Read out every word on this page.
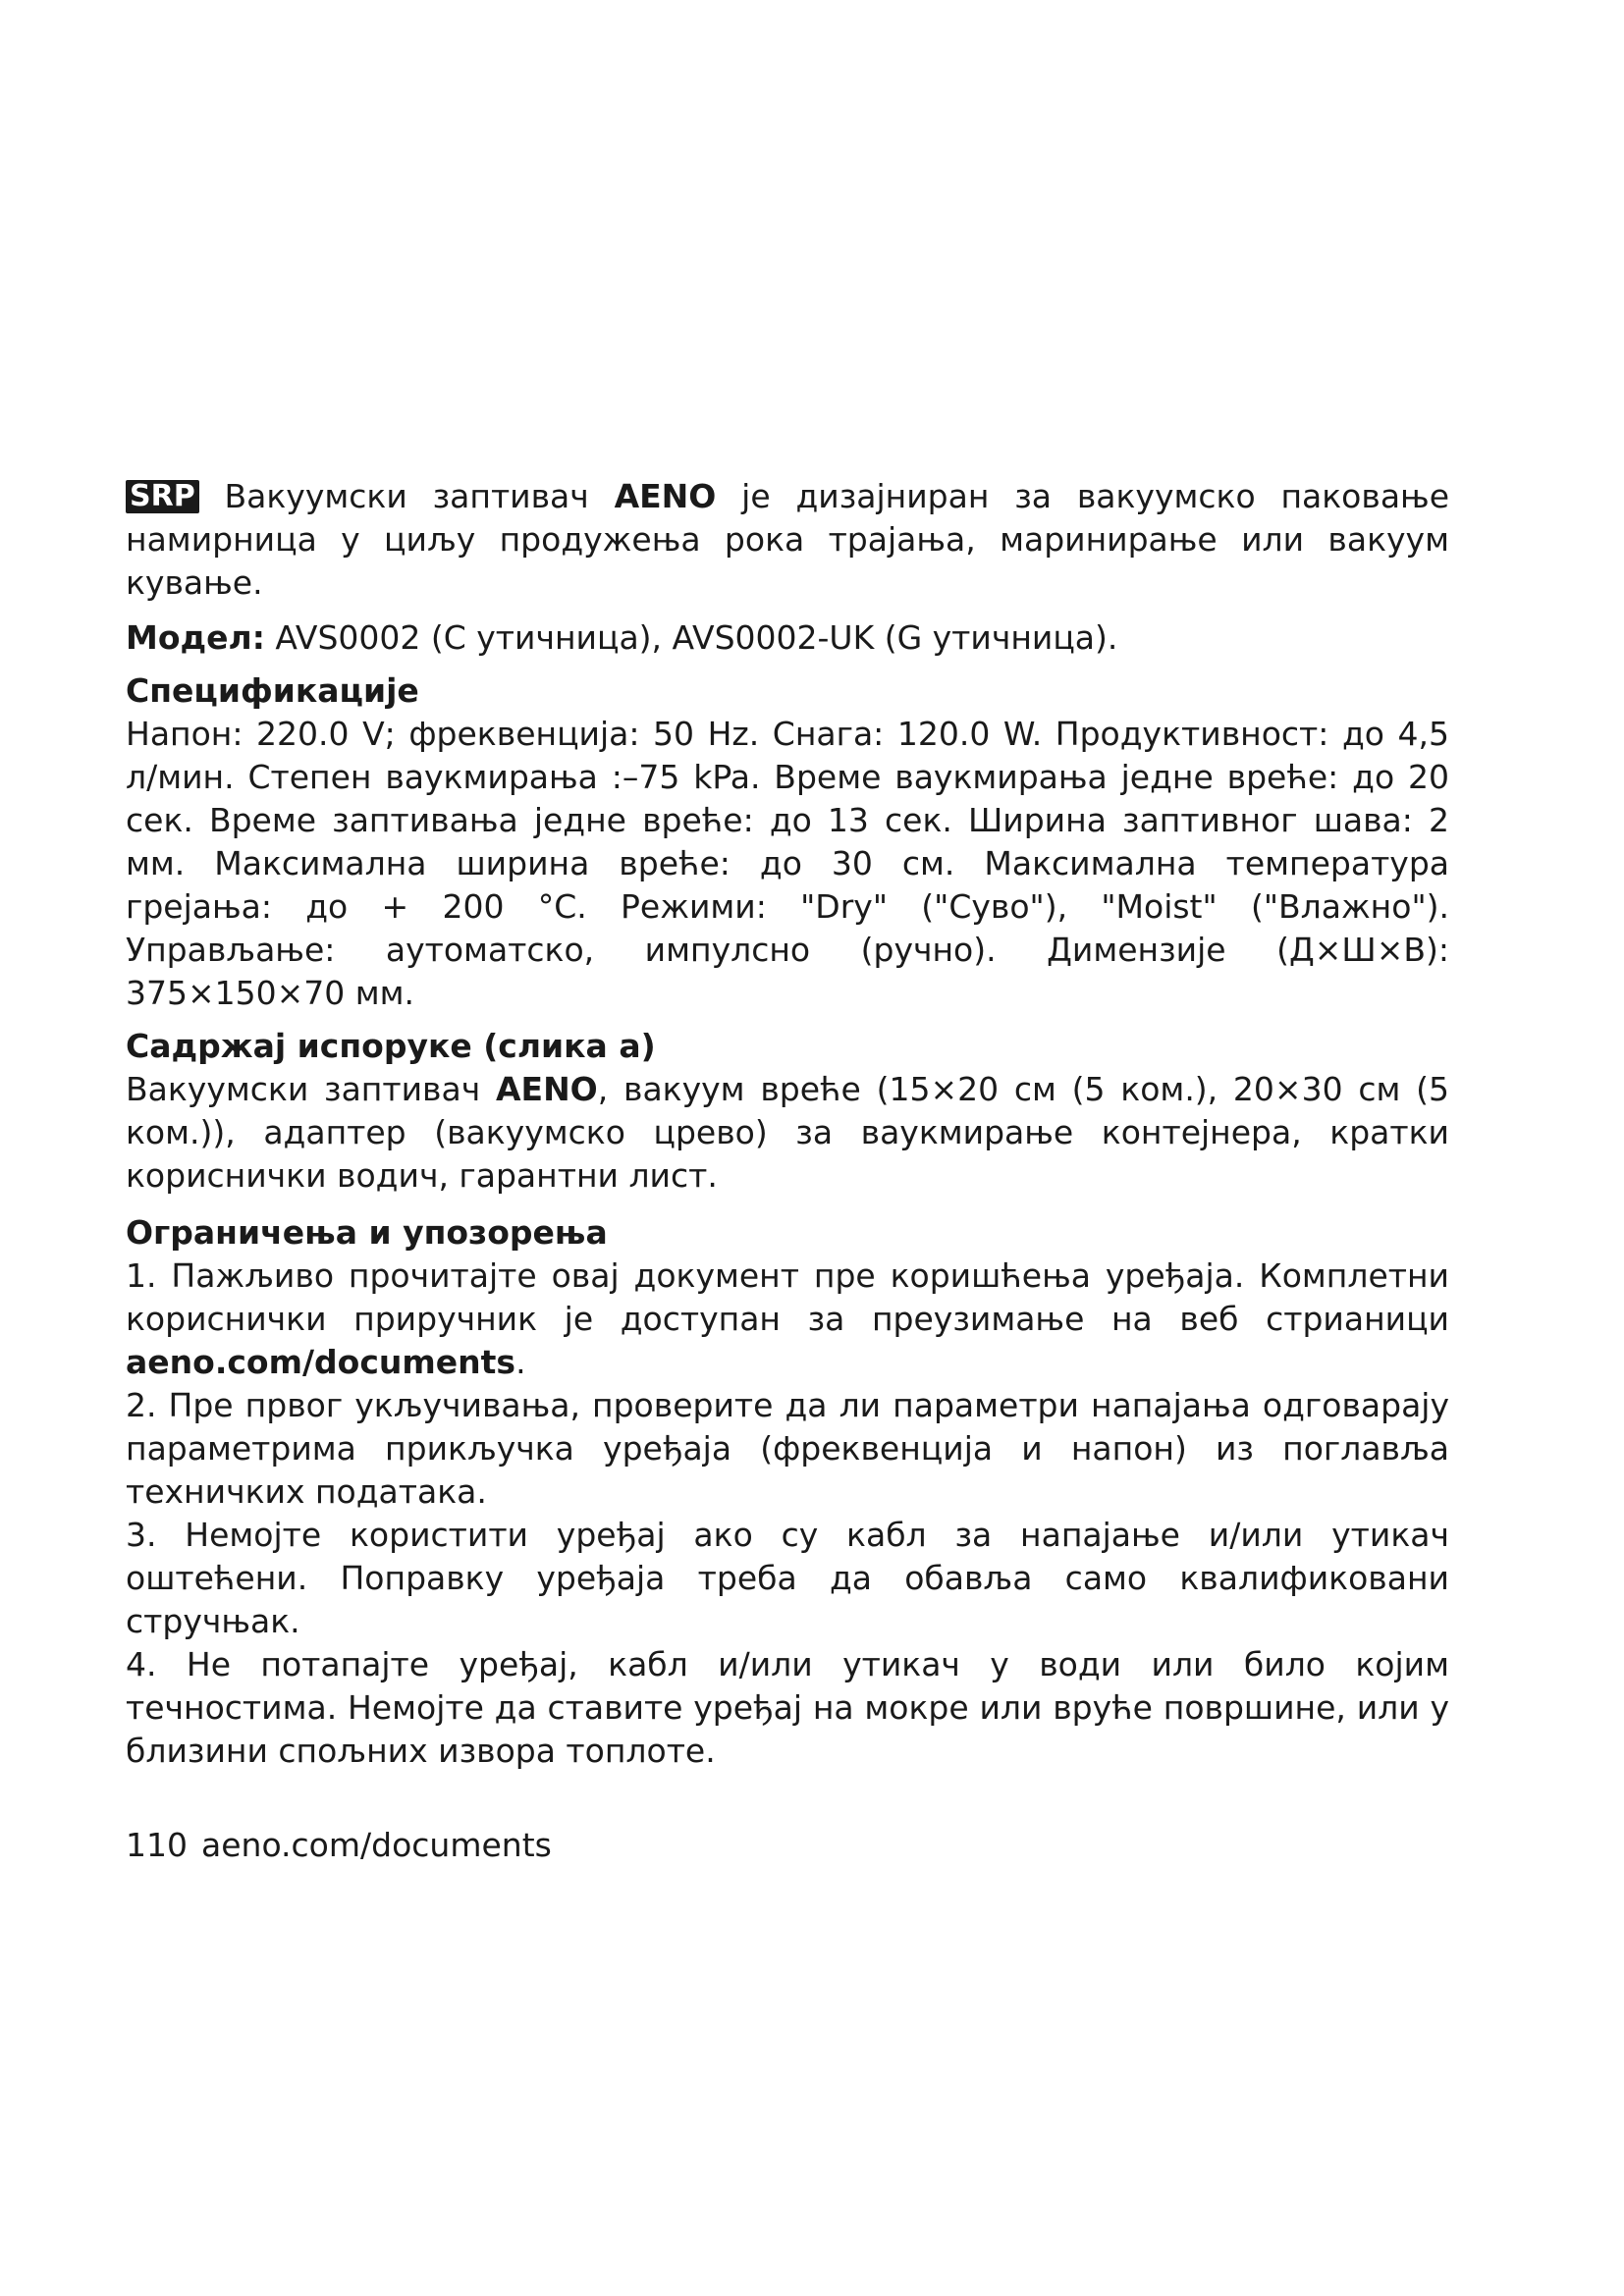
SRP Вакуумски заптивач AENO је дизајниран за вакуумско паковање намирница у циљу продужења рока трајања, маринирање или вакуум кување.

Модел: AVS0002 (C утичница), AVS0002-UK (G утичница).

Спецификације

Напон: 220.0 V; фреквенција: 50 Hz. Снага: 120.0 W. Продуктивност: до 4,5 л/мин. Степен ваукмирања :–75 kPa. Време ваукмирања једне вреће: до 20 сек. Време заптивања једне вреће: до 13 сек. Ширина заптивног шава: 2 мм. Максимална ширина вреће: до 30 см. Максимална температура грејања: до + 200 °C. Режими: "Dry" ("Сувo"), "Moist" ("Влажно"). Управљање: аутоматско, импулсно (ручно). Димензије (Д×Ш×В): 375×150×70 мм.

Садржај испоруке (слика а)

Вакуумски заптивач AENO, вакуум вреће (15×20 см (5 ком.), 20×30 см (5 ком.)), адаптер (вакуумско црево) за ваукмирање контејнера, кратки кориснички водич, гарантни лист.

Ограничења и упозорења

1. Пажљиво прочитајте овај документ пре коришћења уређаја. Комплетни кориснички приручник је доступан за преузимање на веб стрианици aeno.com/documents.

2. Пре првог укључивања, проверите да ли параметри напајања одговарају параметрима прикључка уређаја (фреквенција и напон) из поглавља техничких података.

3. Немојте користити уређај ако су кабл за напајање и/или утикач оштећени. Поправку уређаја треба да обавља само квалификовани стручњак.

4. Не потапајте уређај, кабл и/или утикач у води или било којим течностима. Немојте да ставите уређај на мокре или вруће површине, или у близини спољних извора топлоте.

110 aeno.com/documents
